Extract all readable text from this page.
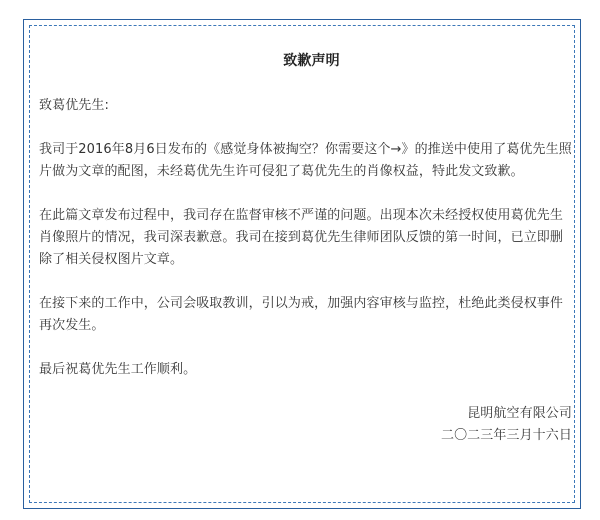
致歉声明

致葛优先生:

我司于2016年8月6日发布的《感觉身体被掏空？你需要这个→》的推送中使用了葛优先生照片做为文章的配图，未经葛优先生许可侵犯了葛优先生的肖像权益，特此发文致歉。

在此篇文章发布过程中，我司存在监督审核不严谨的问题。出现本次未经授权使用葛优先生肖像照片的情况，我司深表歉意。我司在接到葛优先生律师团队反馈的第一时间，已立即删除了相关侵权图片文章。

在接下来的工作中，公司会吸取教训，引以为戒，加强内容审核与监控，杜绝此类侵权事件再次发生。

最后祝葛优先生工作顺利。

昆明航空有限公司
二〇二三年三月十六日
